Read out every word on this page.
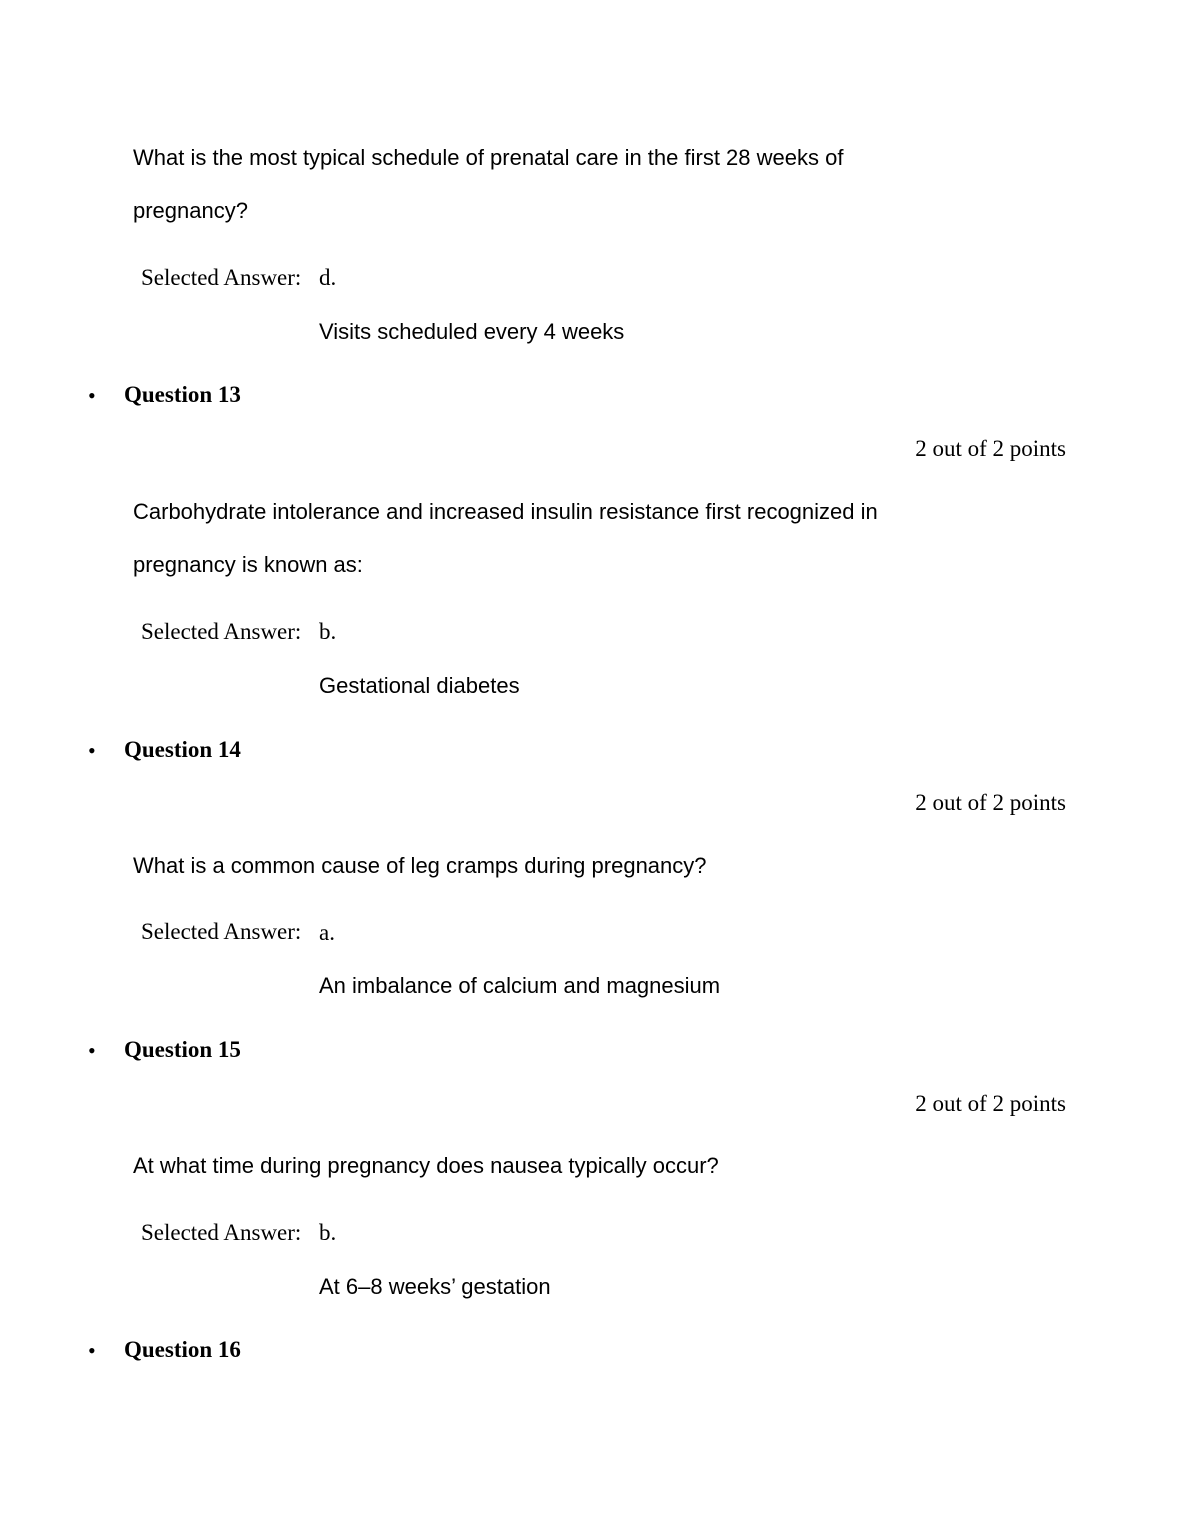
What is the most typical schedule of prenatal care in the first 28 weeks of
pregnancy?
Selected Answer: d.
Visits scheduled every 4 weeks
• Question 13
2 out of 2 points
Carbohydrate intolerance and increased insulin resistance first recognized in
pregnancy is known as:
Selected Answer: b.
Gestational diabetes
• Question 14
2 out of 2 points
What is a common cause of leg cramps during pregnancy?
Selected Answer: a.
An imbalance of calcium and magnesium
• Question 15
2 out of 2 points
At what time during pregnancy does nausea typically occur?
Selected Answer: b.
At 6–8 weeks’ gestation
• Question 16
